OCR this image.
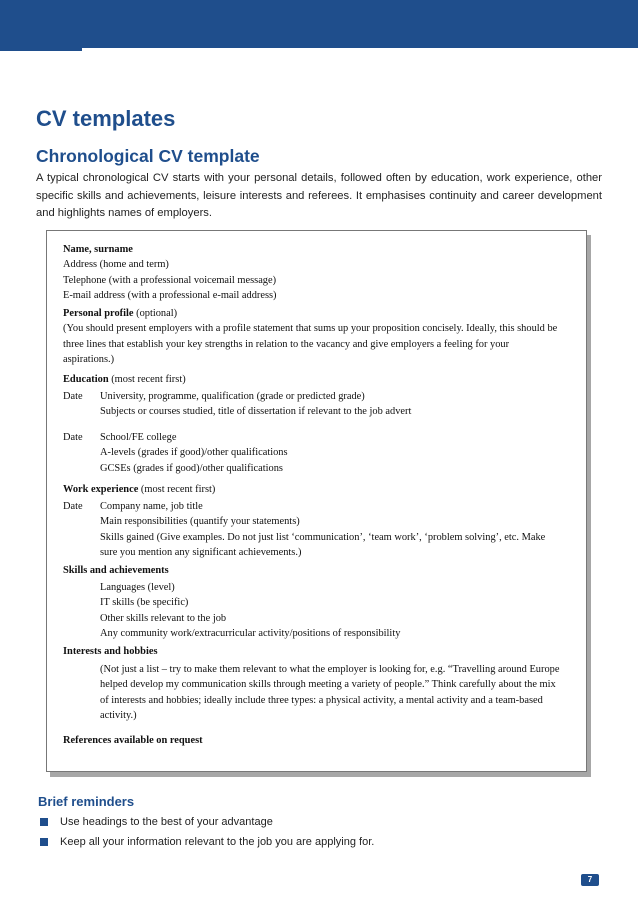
CV templates
Chronological CV template

A typical chronological CV starts with your personal details, followed often by education, work experience, other specific skills and achievements, leisure interests and referees. It emphasises continuity and career development and highlights names of employers.

Name, surname
Address (home and term)
Telephone (with a professional voicemail message)
E-mail address (with a professional e-mail address)
Personal profile (optional)
(You should present employers with a profile statement that sums up your proposition concisely. Ideally, this should be
three lines that establish your key strengths in relation to the vacancy and give employers a feeling for your
aspirations.)
Education (most recent first)
Date University, programme, qualification (grade or predicted grade)
Subjects or courses studied, title of dissertation if relevant to the job advert
Date School/FE college
A-levels (grades if good)/other qualifications
GCSEs (grades if good)/other qualifications
Work experience (most recent first)
Date Company name, job title
Main responsibilities (quantify your statements)
Skills gained (Give examples. Do not just list ‘communication’, ‘team work’, ‘problem solving’, etc. Make
sure you mention any significant achievements.)
Skills and achievements
Languages (level)
IT skills (be specific)
Other skills relevant to the job
Any community work/extracurricular activity/positions of responsibility
Interests and hobbies
(Not just a list – try to make them relevant to what the employer is looking for, e.g. “Travelling around Europe
helped develop my communication skills through meeting a variety of people.” Think carefully about the mix
of interests and hobbies; ideally include three types: a physical activity, a mental activity and a team-based
activity.)
References available on request
Brief reminders
Use headings to the best of your advantage
Keep all your information relevant to the job you are applying for.
7
